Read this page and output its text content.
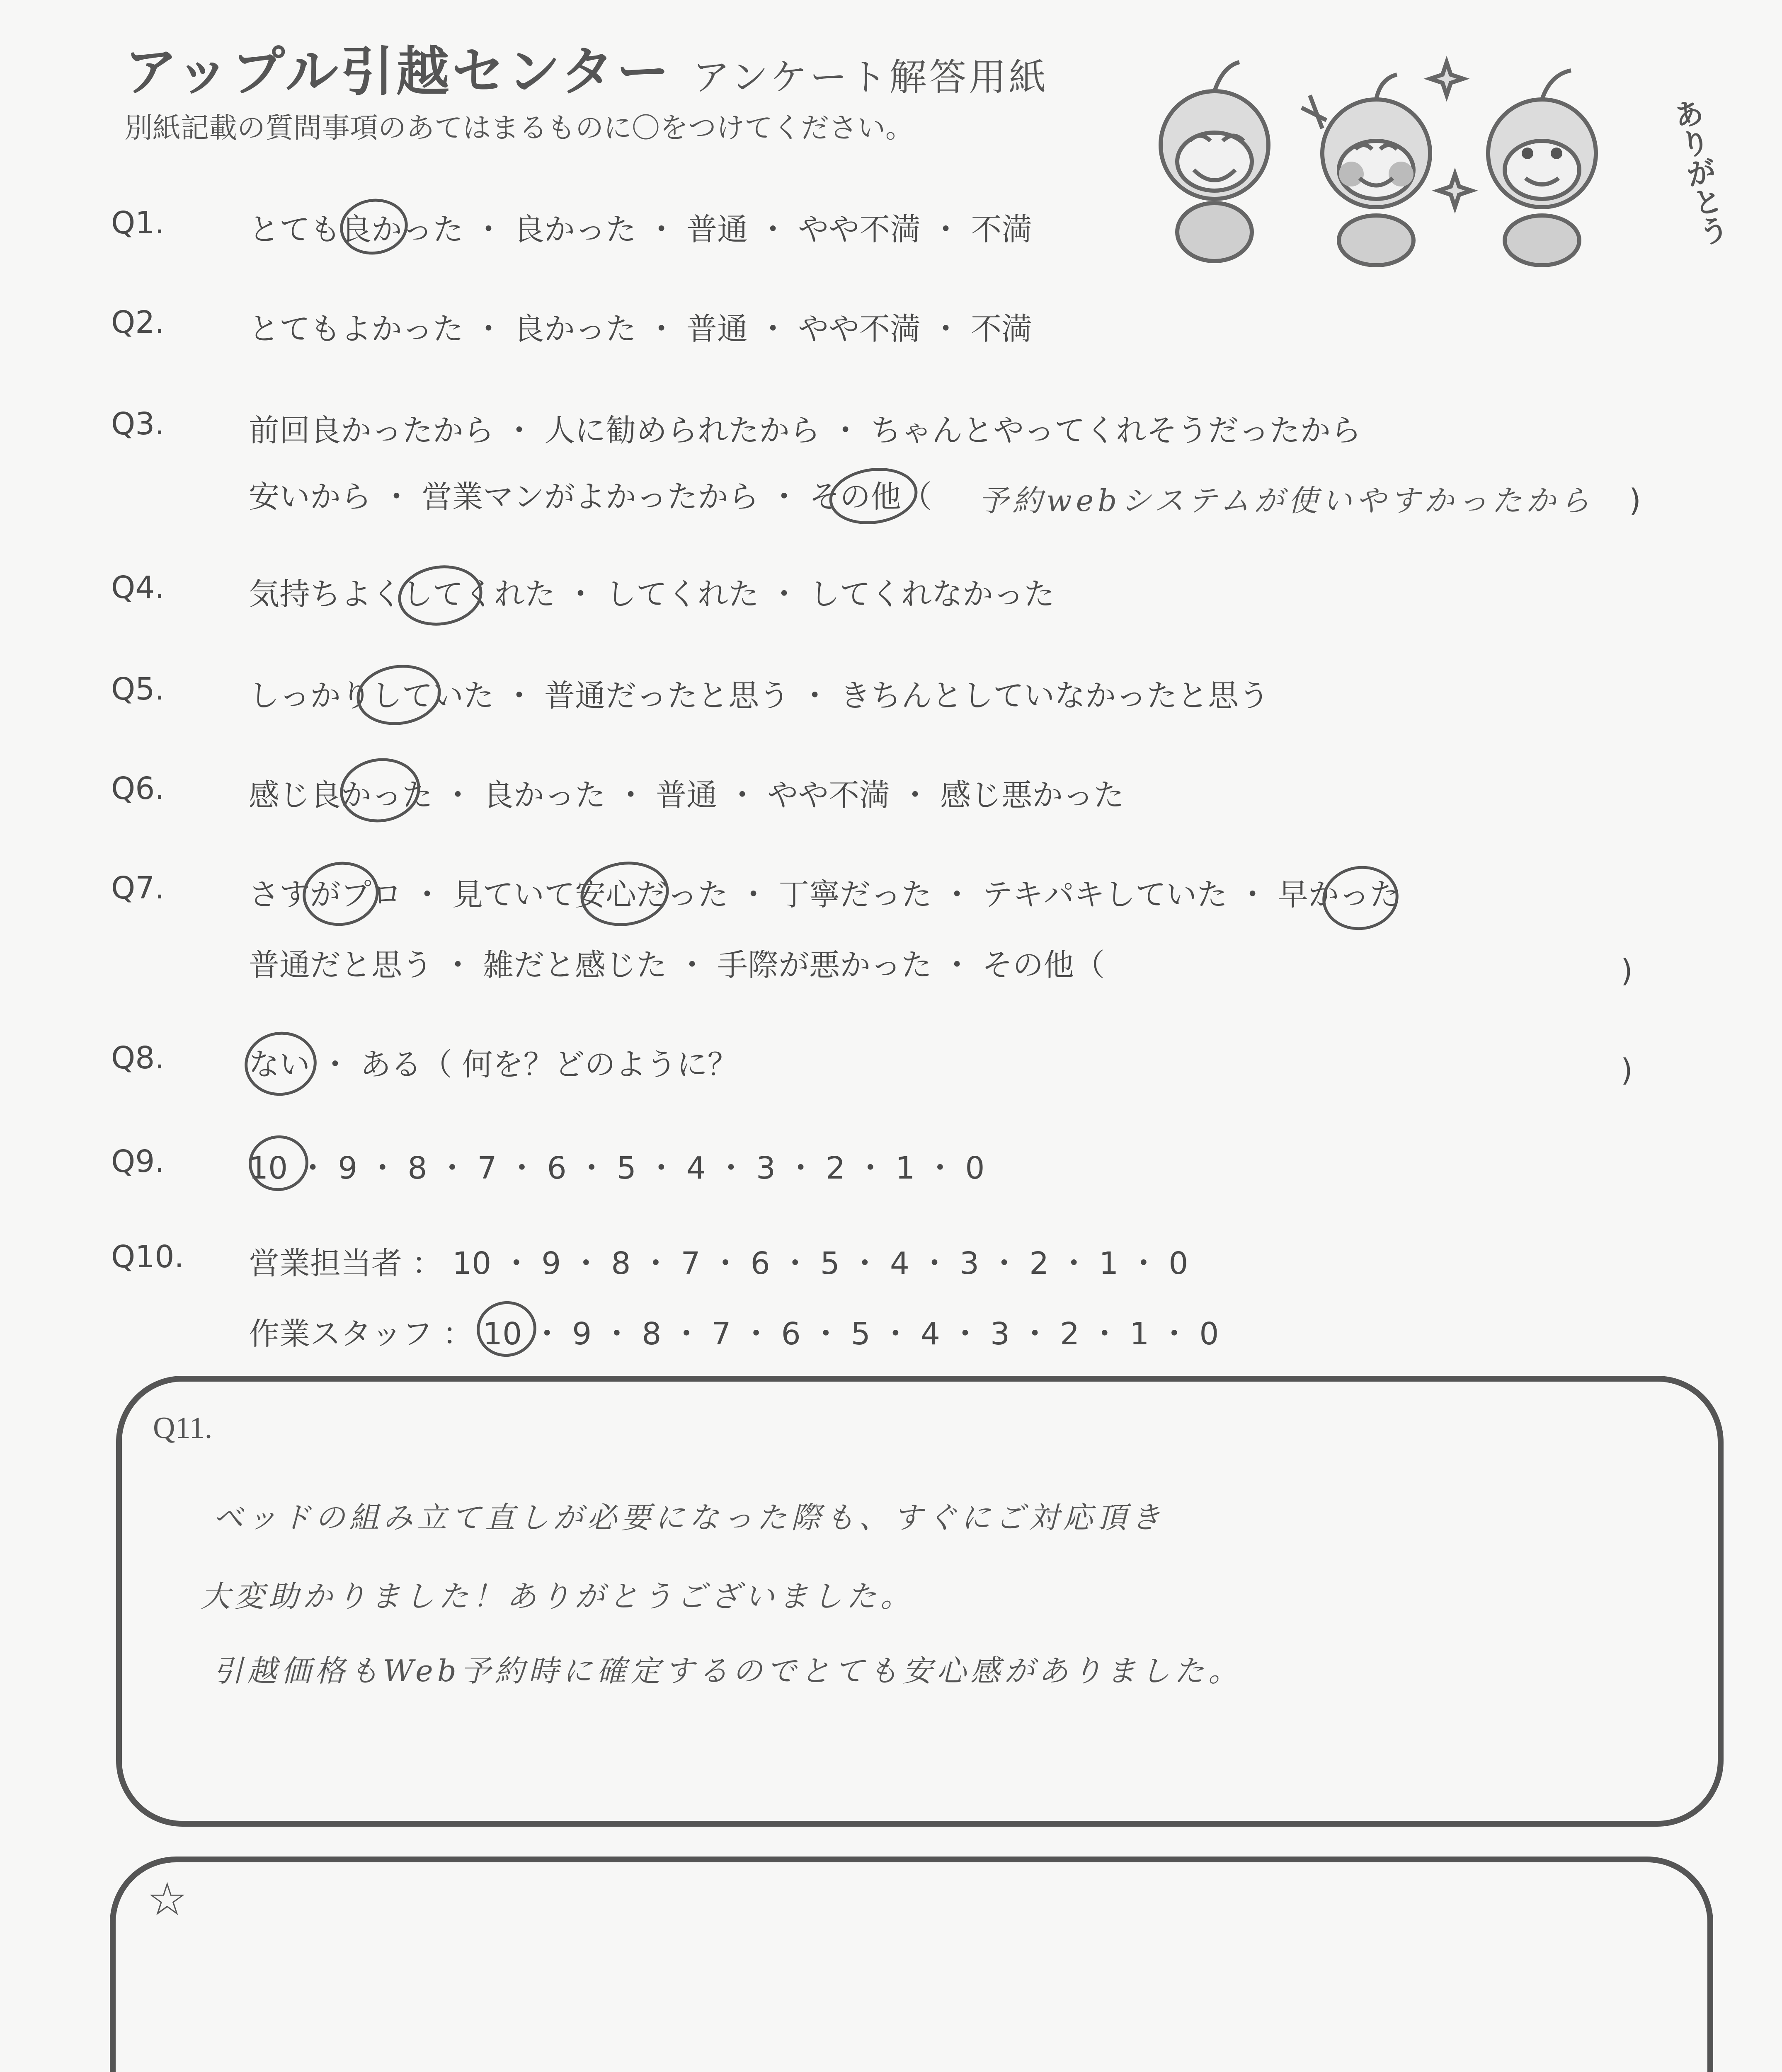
アップル引越センター アンケート解答用紙
別紙記載の質問事項のあてはまるものに〇をつけてください。	ありがとう
Q1.	とても良かった ・ 良かった ・ 普通 ・ やや不満 ・ 不満
Q2.	とてもよかった ・ 良かった ・ 普通 ・ やや不満 ・ 不満
Q3.	前回良かったから ・ 人に勧められたから ・ ちゃんとやってくれそうだったから
安いから ・ 営業マンがよかったから ・ その他（ 予約webシステムが使いやすかったから )
Q4.	気持ちよくしてくれた ・ してくれた ・ してくれなかった
Q5.	しっかりしていた ・ 普通だったと思う ・ きちんとしていなかったと思う
Q6.	感じ良かった ・ 良かった ・ 普通 ・ やや不満 ・ 感じ悪かった
Q7.	さすがプロ ・ 見ていて安心だった ・ 丁寧だった ・ テキパキしていた ・ 早かった
普通だと思う ・ 雑だと感じた ・ 手際が悪かった ・ その他（	)
Q8.	ない ・ ある（ 何を？どのように？	)
Q9.	10 ・ 9 ・ 8 ・ 7 ・ 6 ・ 5 ・ 4 ・ 3 ・ 2 ・ 1 ・ 0
Q10. 営業担当者 ： 10 ・ 9 ・ 8 ・ 7 ・ 6 ・ 5 ・ 4 ・ 3 ・ 2 ・ 1 ・ 0
作業スタッフ ： 10 ・ 9 ・ 8 ・ 7 ・ 6 ・ 5 ・ 4 ・ 3 ・ 2 ・ 1 ・ 0
Q11.
ベッドの組み立て直しが必要になった際も、すぐにご対応頂き
大変助かりました！ありがとうございました。
引越価格もWeb予約時に確定するのでとても安心感がありました。
☆
